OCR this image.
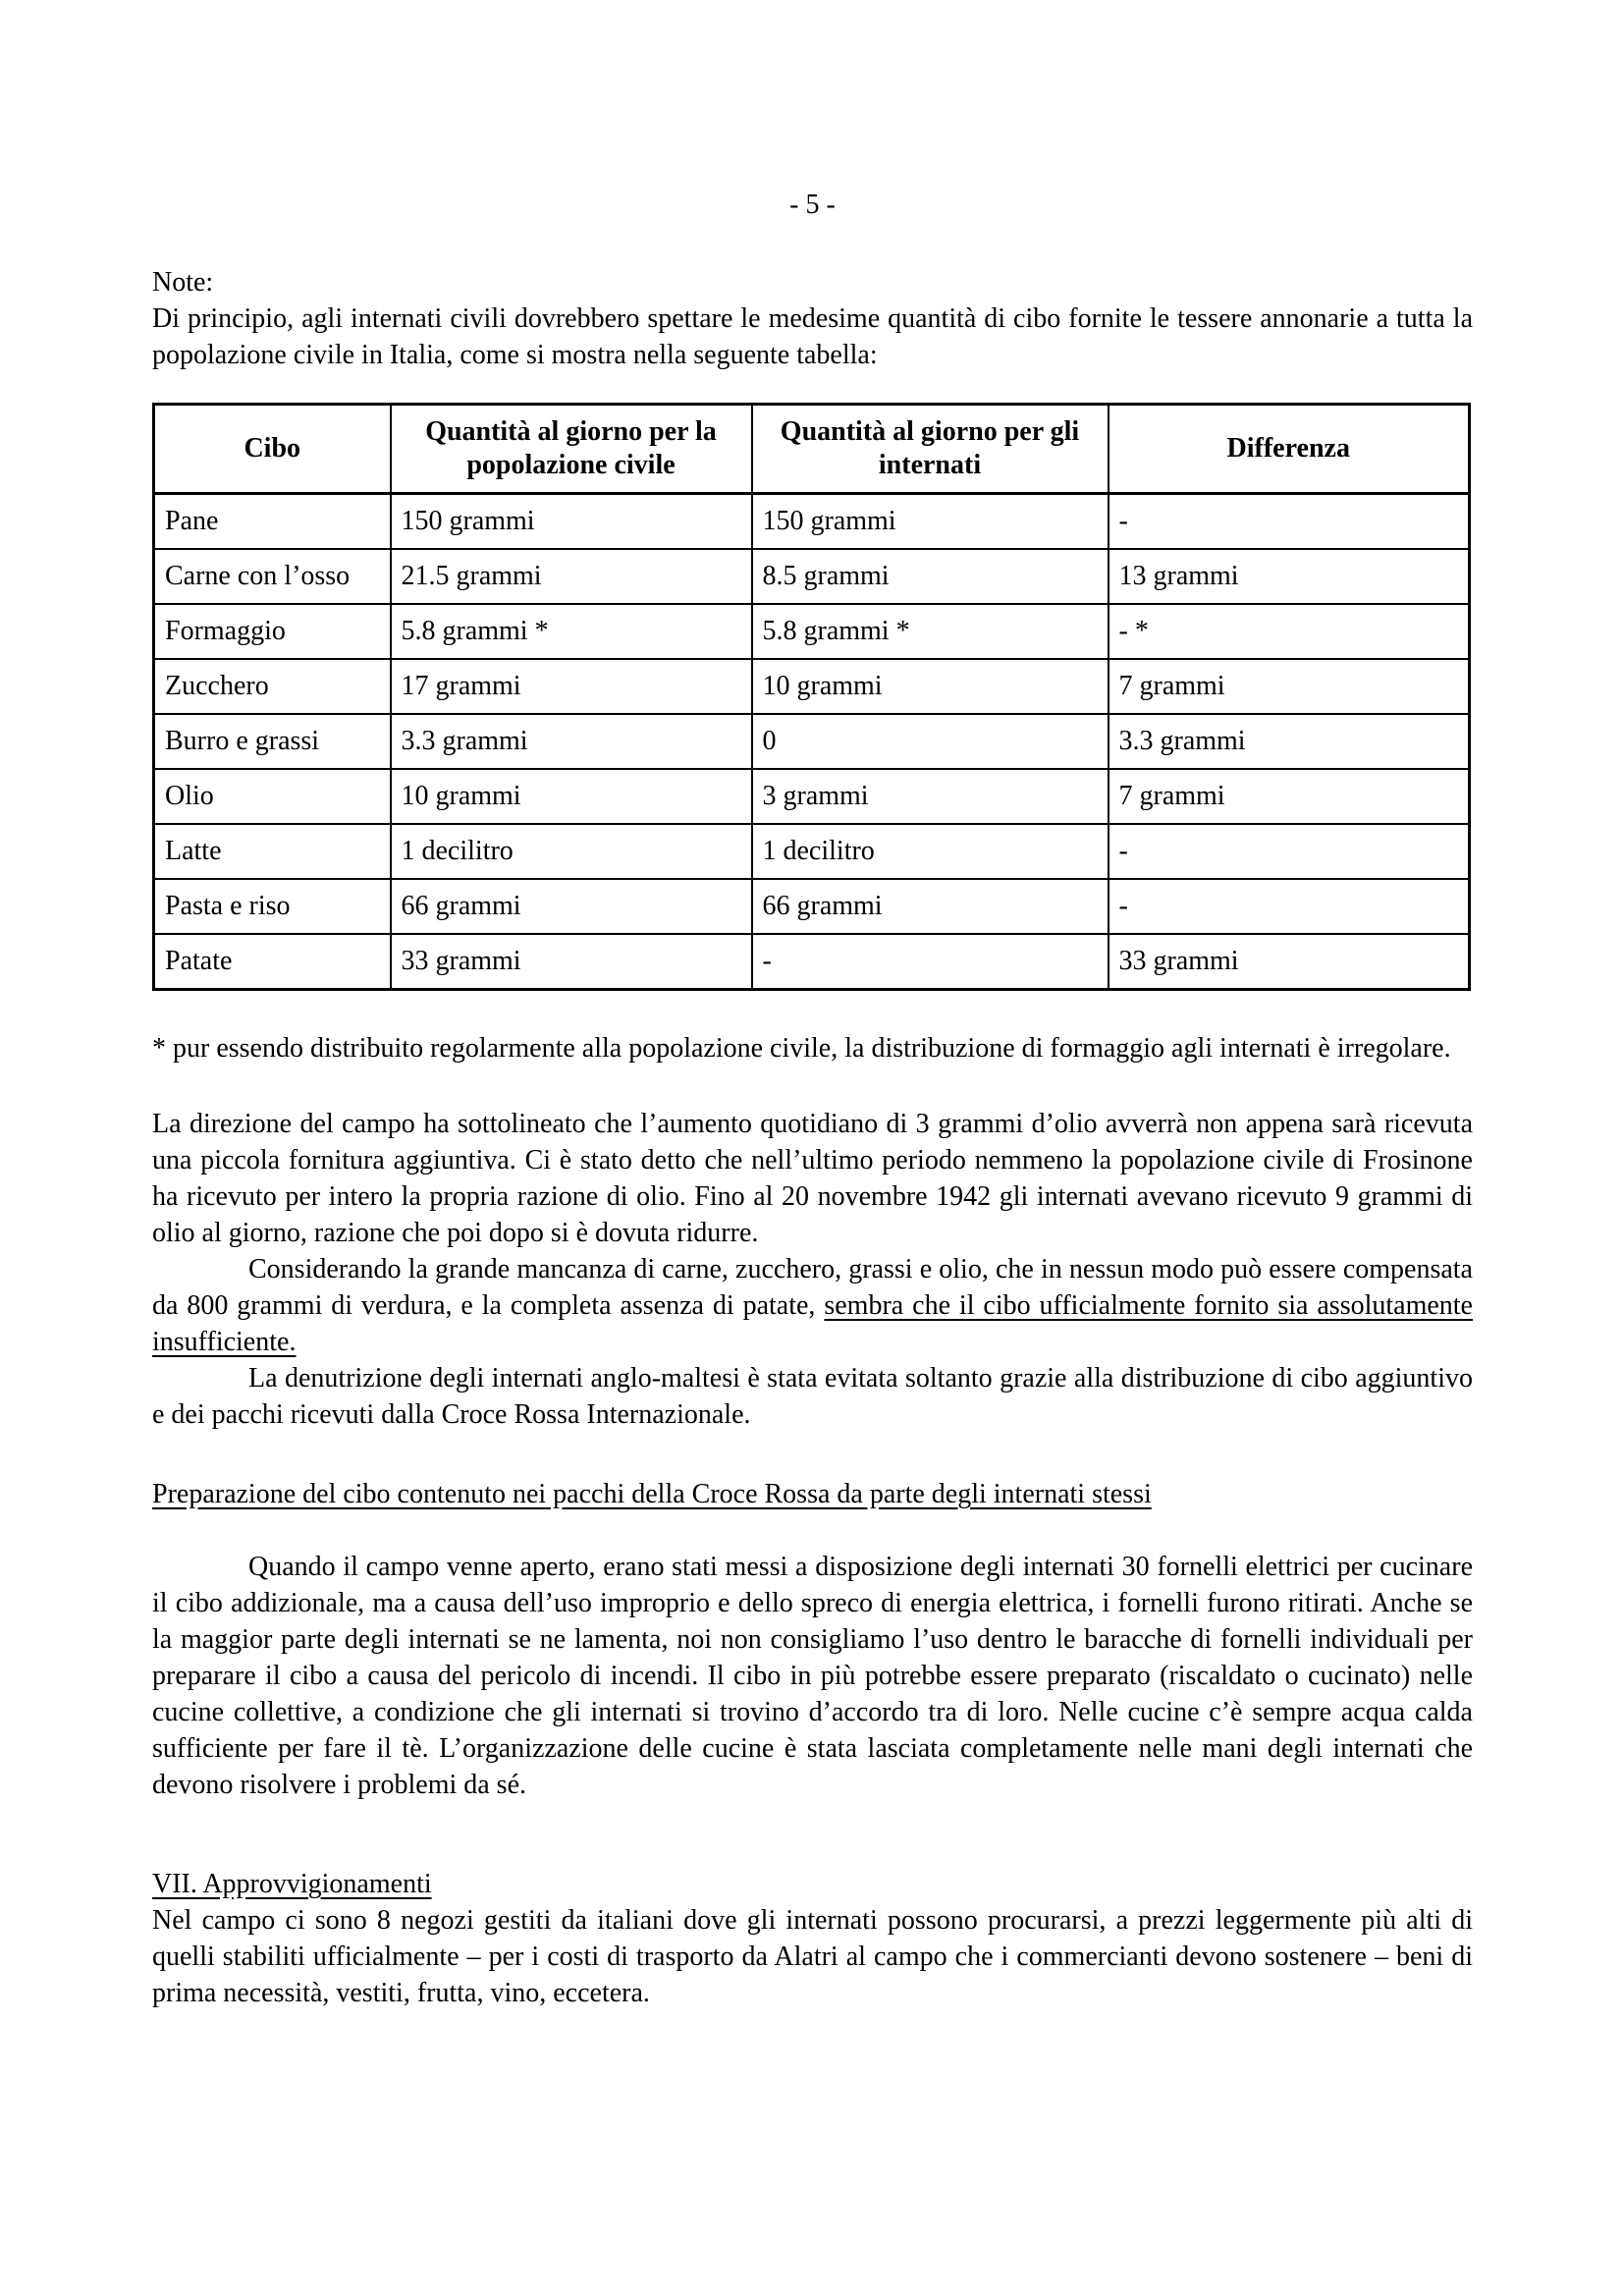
- 5 -

Note:

Di principio, agli internati civili dovrebbero spettare le medesime quantità di cibo fornite le tessere annonarie a tutta la popolazione civile in Italia, come si mostra nella seguente tabella:

Cibo	Quantità al giorno per la popolazione civile	Quantità al giorno per gli internati	Differenza
Pane	150 grammi	150 grammi	-
Carne con l’osso	21.5 grammi	8.5 grammi	13 grammi
Formaggio	5.8 grammi *	5.8 grammi *	- *
Zucchero	17 grammi	10 grammi	7 grammi
Burro e grassi	3.3 grammi	0	3.3 grammi
Olio	10 grammi	3 grammi	7 grammi
Latte	1 decilitro	1 decilitro	-
Pasta e riso	66 grammi	66 grammi	-
Patate	33 grammi	-	33 grammi

* pur essendo distribuito regolarmente alla popolazione civile, la distribuzione di formaggio agli internati è irregolare.

La direzione del campo ha sottolineato che l’aumento quotidiano di 3 grammi d’olio avverrà non appena sarà ricevuta una piccola fornitura aggiuntiva. Ci è stato detto che nell’ultimo periodo nemmeno la popolazione civile di Frosinone ha ricevuto per intero la propria razione di olio. Fino al 20 novembre 1942 gli internati avevano ricevuto 9 grammi di olio al giorno, razione che poi dopo si è dovuta ridurre.

Considerando la grande mancanza di carne, zucchero, grassi e olio, che in nessun modo può essere compensata da 800 grammi di verdura, e la completa assenza di patate, sembra che il cibo ufficialmente fornito sia assolutamente insufficiente.

La denutrizione degli internati anglo-maltesi è stata evitata soltanto grazie alla distribuzione di cibo aggiuntivo e dei pacchi ricevuti dalla Croce Rossa Internazionale.

Preparazione del cibo contenuto nei pacchi della Croce Rossa da parte degli internati stessi

Quando il campo venne aperto, erano stati messi a disposizione degli internati 30 fornelli elettrici per cucinare il cibo addizionale, ma a causa dell’uso improprio e dello spreco di energia elettrica, i fornelli furono ritirati. Anche se la maggior parte degli internati se ne lamenta, noi non consigliamo l’uso dentro le baracche di fornelli individuali per preparare il cibo a causa del pericolo di incendi. Il cibo in più potrebbe essere preparato (riscaldato o cucinato) nelle cucine collettive, a condizione che gli internati si trovino d’accordo tra di loro. Nelle cucine c’è sempre acqua calda sufficiente per fare il tè. L’organizzazione delle cucine è stata lasciata completamente nelle mani degli internati che devono risolvere i problemi da sé.

VII. Approvvigionamenti

Nel campo ci sono 8 negozi gestiti da italiani dove gli internati possono procurarsi, a prezzi leggermente più alti di quelli stabiliti ufficialmente – per i costi di trasporto da Alatri al campo che i commercianti devono sostenere – beni di prima necessità, vestiti, frutta, vino, eccetera.
